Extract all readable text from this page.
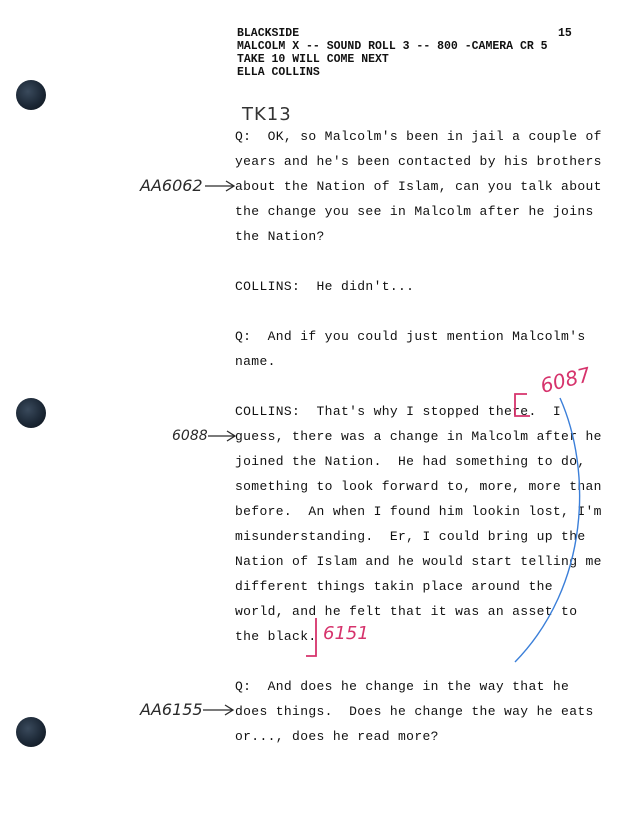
BLACKSIDE	15
MALCOLM X -- SOUND ROLL 3 -- 800 -CAMERA CR 5
TAKE 10 WILL COME NEXT
ELLA COLLINS
TK13
Q:  OK, so Malcolm's been in jail a couple of
years and he's been contacted by his brothers
about the Nation of Islam, can you talk about
the change you see in Malcolm after he joins
the Nation?
COLLINS:  He didn't...
Q:  And if you could just mention Malcolm's
name.
COLLINS:  That's why I stopped there.  I
guess, there was a change in Malcolm after he
joined the Nation.  He had something to do,
something to look forward to, more, more than
before.  An when I found him lookin lost, I'm
misunderstanding.  Er, I could bring up the
Nation of Islam and he would start telling me
different things takin place around the
world, and he felt that it was an asset to
the black.
Q:  And does he change in the way that he
does things.  Does he change the way he eats
or..., does he read more?
AA6062
6088
AA6155
6087
6151
